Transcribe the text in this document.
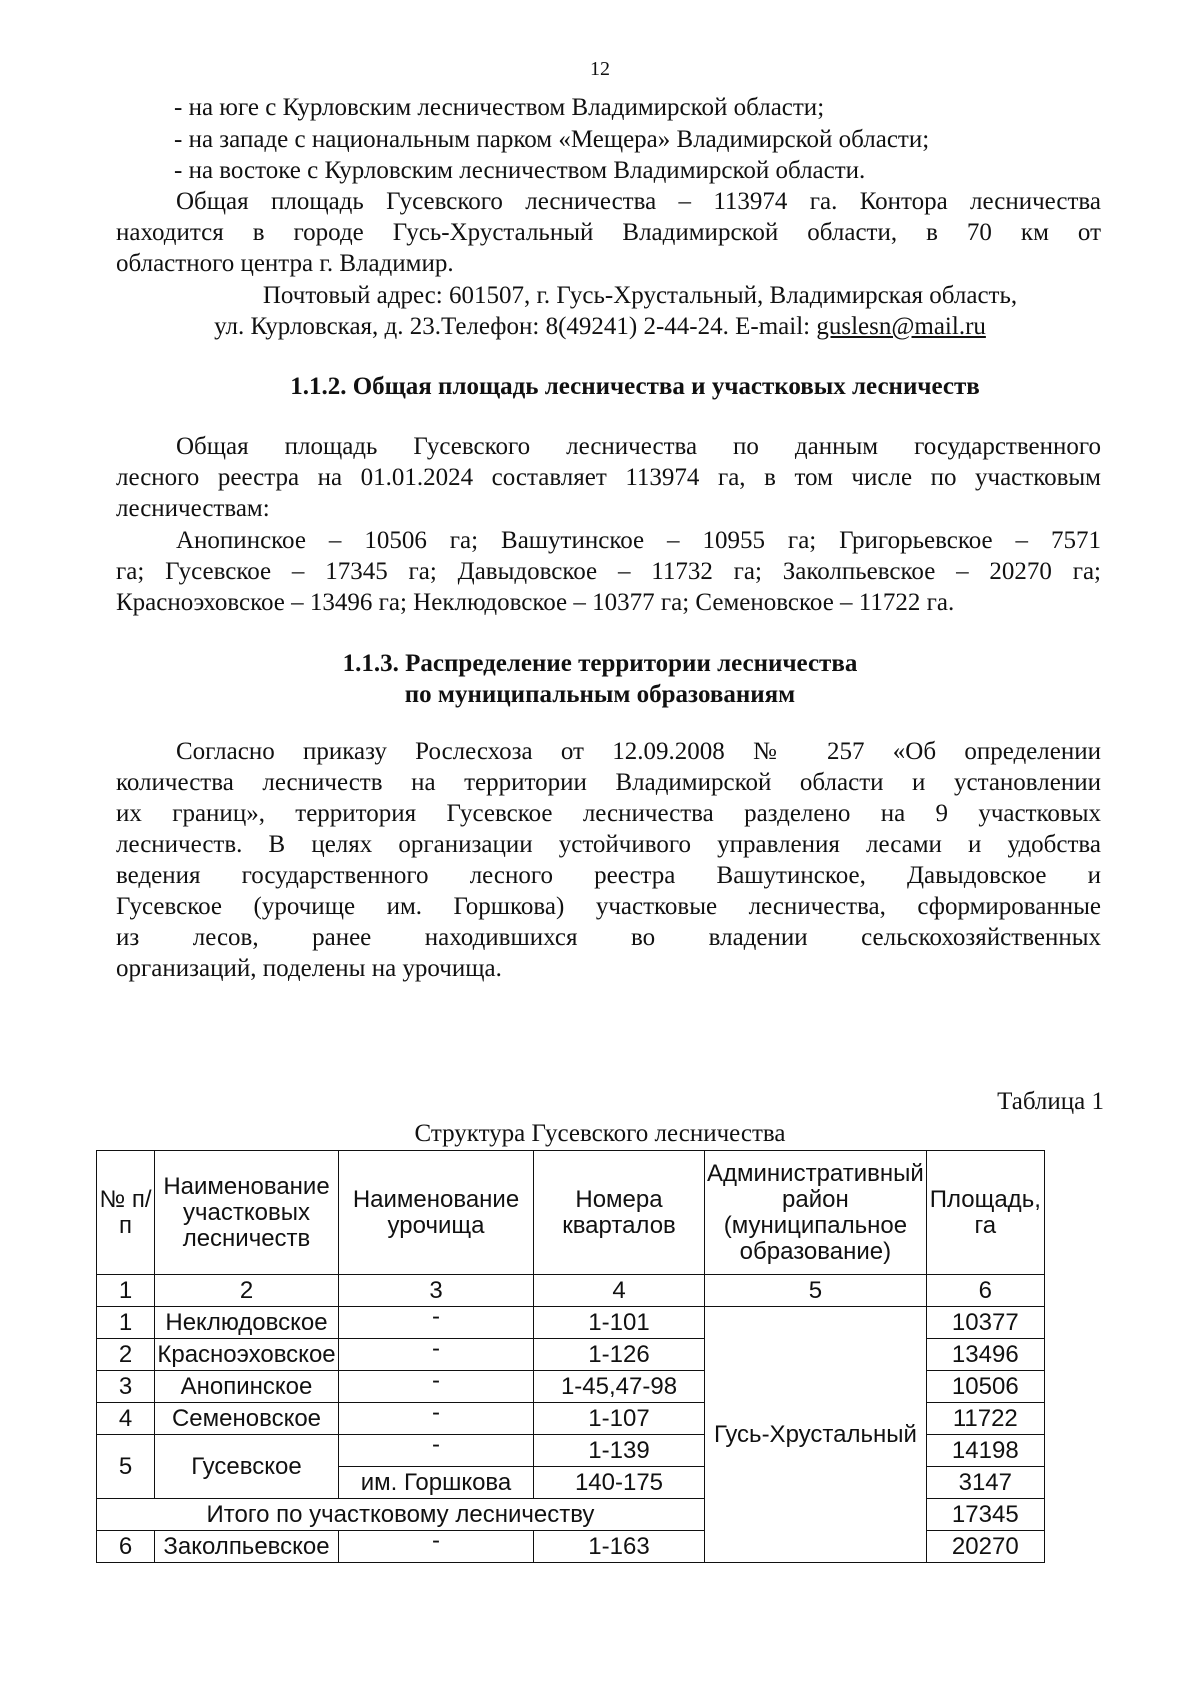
12
- на юге с Курловским лесничеством Владимирской области;
- на западе с национальным парком «Мещера» Владимирской области;
- на востоке с Курловским лесничеством Владимирской области.
Общая площадь Гусевского лесничества – 113974 га. Контора лесничества
находится в городе Гусь-Хрустальный Владимирской области, в 70 км от
областного центра г. Владимир.
Почтовый адрес: 601507, г. Гусь-Хрустальный, Владимирская область,
ул. Курловская, д. 23.Телефон: 8(49241) 2-44-24. E-mail: guslesn@mail.ru
1.1.2. Общая площадь лесничества и участковых лесничеств
Общая площадь Гусевского лесничества по данным государственного
лесного реестра на 01.01.2024 составляет 113974 га, в том числе по участковым
лесничествам:
Анопинское – 10506 га; Вашутинское – 10955 га; Григорьевское – 7571
га; Гусевское – 17345 га; Давыдовское – 11732 га; Заколпьевское – 20270 га;
Красноэховское – 13496 га; Неклюдовское – 10377 га; Семеновское – 11722 га.
1.1.3. Распределение территории лесничества
по муниципальным образованиям
Согласно приказу Рослесхоза от 12.09.2008 № 257 «Об определении
количества лесничеств на территории Владимирской области и установлении
их границ», территория Гусевское лесничества разделено на 9 участковых
лесничеств. В целях организации устойчивого управления лесами и удобства
ведения государственного лесного реестра Вашутинское, Давыдовское и
Гусевское (урочище им. Горшкова) участковые лесничества, сформированные
из лесов, ранее находившихся во владении сельскохозяйственных
организаций, поделены на урочища.
Таблица 1
Структура Гусевского лесничества
№ п/п	Наименование участковых лесничеств	Наименование урочища	Номера кварталов	Административный район (муниципальное образование)	Площадь, га
1	2	3	4	5	6
1	Неклюдовское	-	1-101	Гусь-Хрустальный	10377
2	Красноэховское	-	1-126		13496
3	Анопинское	-	1-45,47-98		10506
4	Семеновское	-	1-107		11722
5	Гусевское	-	1-139		14198
		им. Горшкова	140-175		3147
Итого по участковому лесничеству					17345
6	Заколпьевское	-	1-163		20270
